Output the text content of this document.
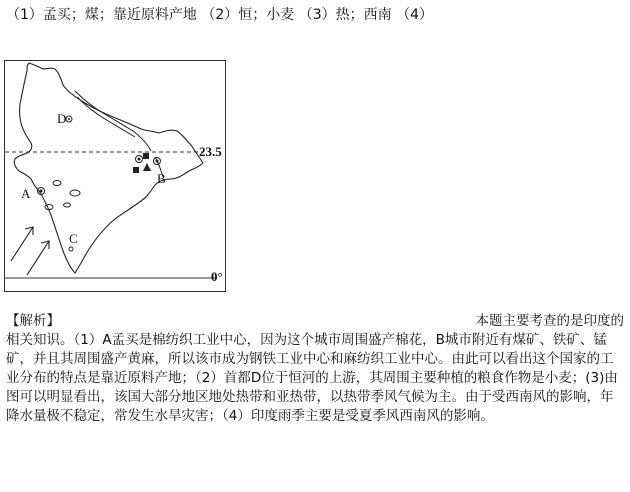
（1）孟买；煤；靠近原料产地 （2）恒；小麦 （3）热；西南 （4）
D
A
B
C
23.5
0°
【解析】	本题主要考查的是印度的
相关知识。（1）A孟买是棉纺织工业中心，因为这个城市周围盛产棉花，B城市附近有煤矿、铁矿、锰矿，并且其周围盛产黄麻，所以该市成为钢铁工业中心和麻纺织工业中心。由此可以看出这个国家的工业分布的特点是靠近原料产地；（2）首都D位于恒河的上游，其周围主要种植的粮食作物是小麦；(3)由图可以明显看出，该国大部分地区地处热带和亚热带，以热带季风气候为主。由于受西南风的影响，年降水量极不稳定，常发生水旱灾害；（4）印度雨季主要是受夏季风西南风的影响。
